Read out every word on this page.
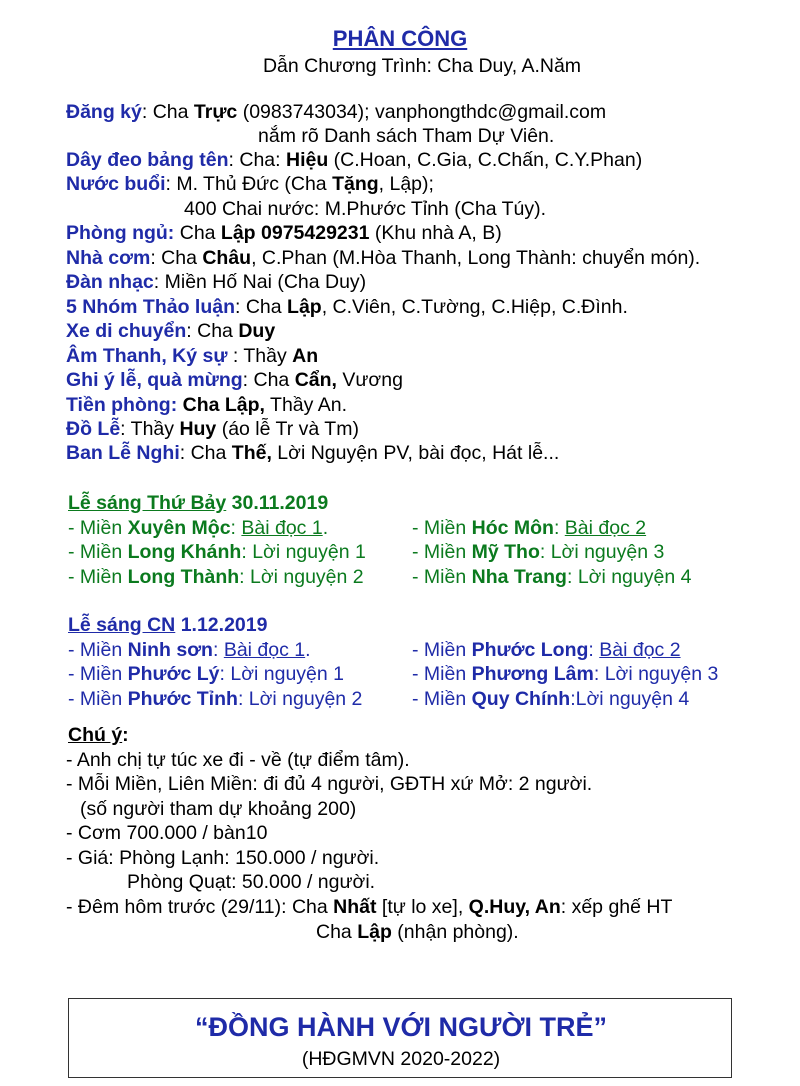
PHÂN CÔNG
Dẫn Chương Trình: Cha Duy, A.Năm
Đăng ký: Cha Trực (0983743034); vanphongthdc@gmail.com
nắm rõ Danh sách Tham Dự Viên.
Dây đeo bảng tên: Cha: Hiệu (C.Hoan, C.Gia, C.Chấn, C.Y.Phan)
Nước buổi: M. Thủ Đức (Cha Tặng, Lập);
400 Chai nước: M.Phước Tỉnh (Cha Túy).
Phòng ngủ: Cha Lập 0975429231 (Khu nhà A, B)
Nhà cơm: Cha Châu, C.Phan (M.Hòa Thanh, Long Thành: chuyển món).
Đàn nhạc: Miền Hố Nai (Cha Duy)
5 Nhóm Thảo luận: Cha Lập, C.Viên, C.Tường, C.Hiệp, C.Đình.
Xe di chuyển: Cha Duy
Âm Thanh, Ký sự : Thầy An
Ghi ý lễ, quà mừng: Cha Cẩn, Vương
Tiền phòng: Cha Lập, Thầy An.
Đồ Lễ: Thầy Huy (áo lễ Tr và Tm)
Ban Lễ Nghi: Cha Thế, Lời Nguyện PV, bài đọc, Hát lễ...
Lễ sáng Thứ Bảy 30.11.2019
- Miền Xuyên Mộc: Bài đọc 1.	- Miền Hóc Môn: Bài đọc 2
- Miền Long Khánh: Lời nguyện 1 - Miền Mỹ Tho: Lời nguyện 3
- Miền Long Thành: Lời nguyện 2 - Miền Nha Trang: Lời nguyện 4
Lễ sáng CN 1.12.2019
- Miền Ninh sơn: Bài đọc 1.	- Miền Phước Long: Bài đọc 2
- Miền Phước Lý: Lời nguyện 1	- Miền Phương Lâm: Lời nguyện 3
- Miền Phước Tỉnh: Lời nguyện 2	- Miền Quy Chính:Lời nguyện 4
Chú ý:
- Anh chị tự túc xe đi - về (tự điểm tâm).
- Mỗi Miền, Liên Miền: đi đủ 4 người, GĐTH xứ Mở: 2 người.
(số người tham dự khoảng 200)
- Cơm 700.000 / bàn10
- Giá: Phòng Lạnh: 150.000 / người.
Phòng Quạt: 50.000 / người.
- Đêm hôm trước (29/11): Cha Nhất [tự lo xe], Q.Huy, An: xếp ghế HT
Cha Lập (nhận phòng).
“ĐỒNG HÀNH VỚI NGƯỜI TRẺ”
(HĐGMVN 2020-2022)
